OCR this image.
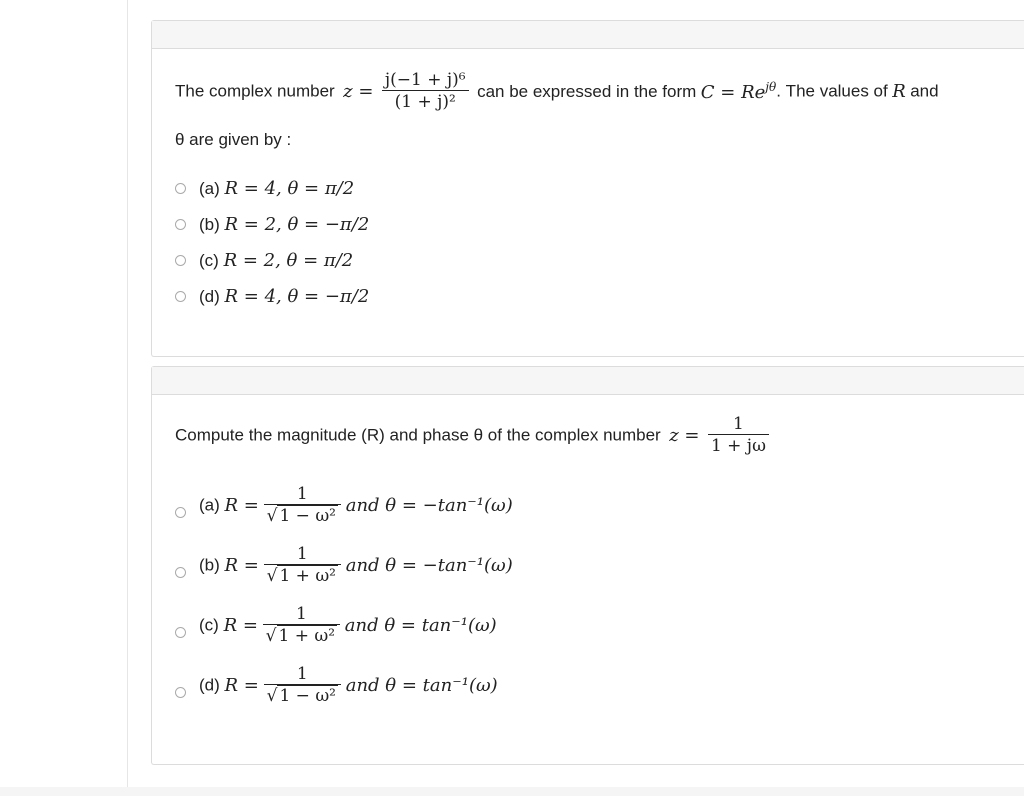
The complex number $z = \frac{\text{j(−1 + j)⁶}}{\text{(1 + j)²}}$ can be expressed in the form $C = Re^{j\theta}$. The values of R and
θ are given by :
(a) R = 4, θ = π/2
(b) R = 2, θ = −π/2
(c) R = 2, θ = π/2
(d) R = 4, θ = −π/2
Compute the magnitude (R) and phase θ of the complex number $z = \frac{1}{1 + j\omega}$
(a) $R = \frac{1}{\text{√ 1 − ω²}}$ and θ = −tan⁻¹(ω)
(b) $R = \frac{1}{\text{√ 1 + ω²}}$ and θ = −tan⁻¹(ω)
(c) $R = \frac{1}{\text{√ 1 + ω²}}$ and θ = tan⁻¹(ω)
(d) $R = \frac{1}{\text{√ 1 − ω²}}$ and θ = tan⁻¹(ω)
